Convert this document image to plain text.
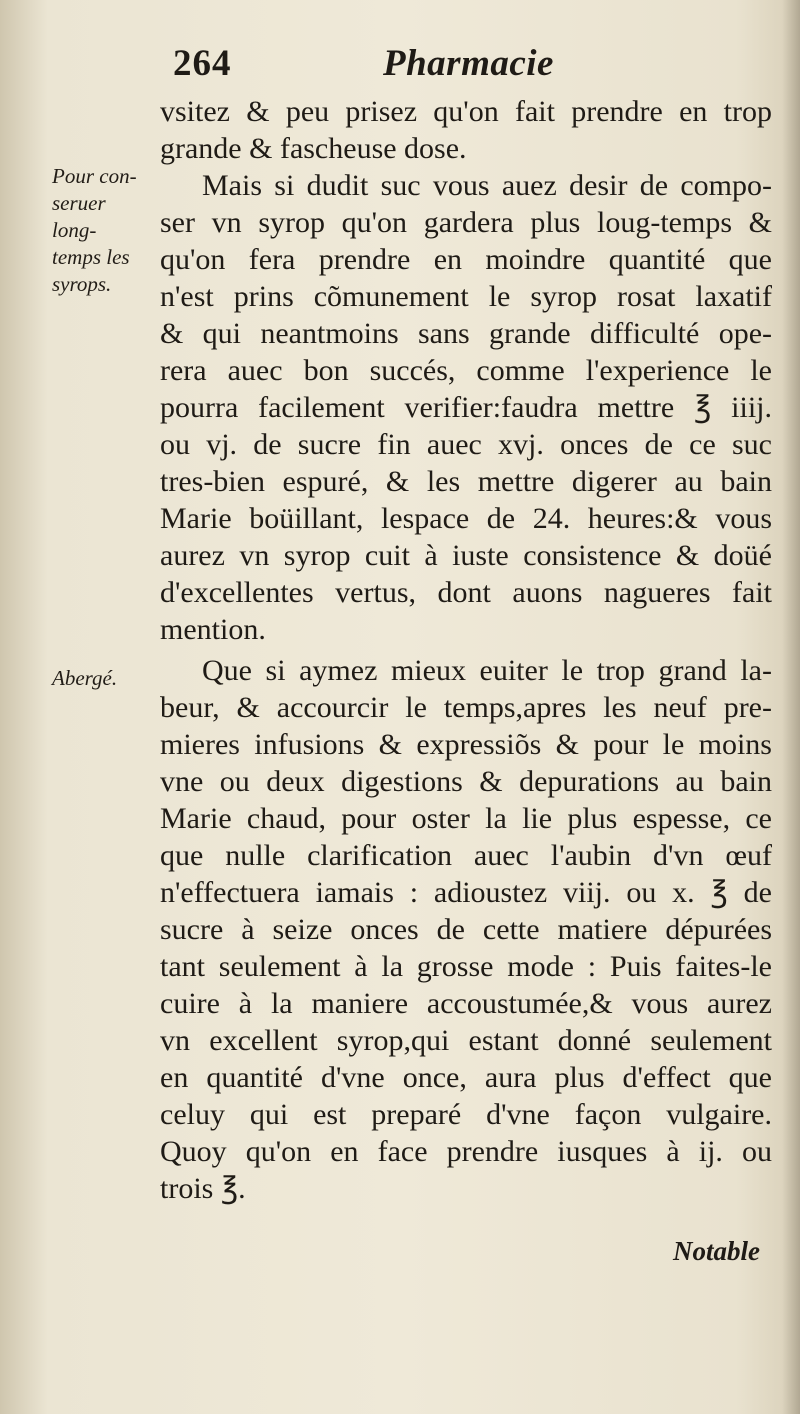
264	Pharmacie
Pour con-
seruer
long-
temps les
syrops.
Abergé.
vsitez & peu prisez qu'on fait prendre en trop
grande & fascheuse dose.
Mais si dudit suc vous auez desir de compo-
ser vn syrop qu'on gardera plus loug-temps &
qu'on fera prendre en moindre quantité que
n'est prins cõmunement le syrop rosat laxatif
& qui neantmoins sans grande difficulté ope-
rera auec bon succés, comme l'experience le
pourra facilement verifier:faudra mettre ℥ iiij.
ou vj. de sucre fin auec xvj. onces de ce suc
tres-bien espuré, & les mettre digerer au bain
Marie boüillant, lespace de 24. heures:& vous
aurez vn syrop cuit à iuste consistence & doüé
d'excellentes vertus, dont auons nagueres fait
mention.
Que si aymez mieux euiter le trop grand la-
beur, & accourcir le temps,apres les neuf pre-
mieres infusions & expressiõs & pour le moins
vne ou deux digestions & depurations au bain
Marie chaud, pour oster la lie plus espesse, ce
que nulle clarification auec l'aubin d'vn œuf
n'effectuera iamais : adioustez viij. ou x. ℥ de
sucre à seize onces de cette matiere dépurées
tant seulement à la grosse mode : Puis faites-le
cuire à la maniere accoustumée,& vous aurez
vn excellent syrop,qui estant donné seulement
en quantité d'vne once, aura plus d'effect que
celuy qui est preparé d'vne façon vulgaire.
Quoy qu'on en face prendre iusques à ij. ou
trois ℥.
Notable
